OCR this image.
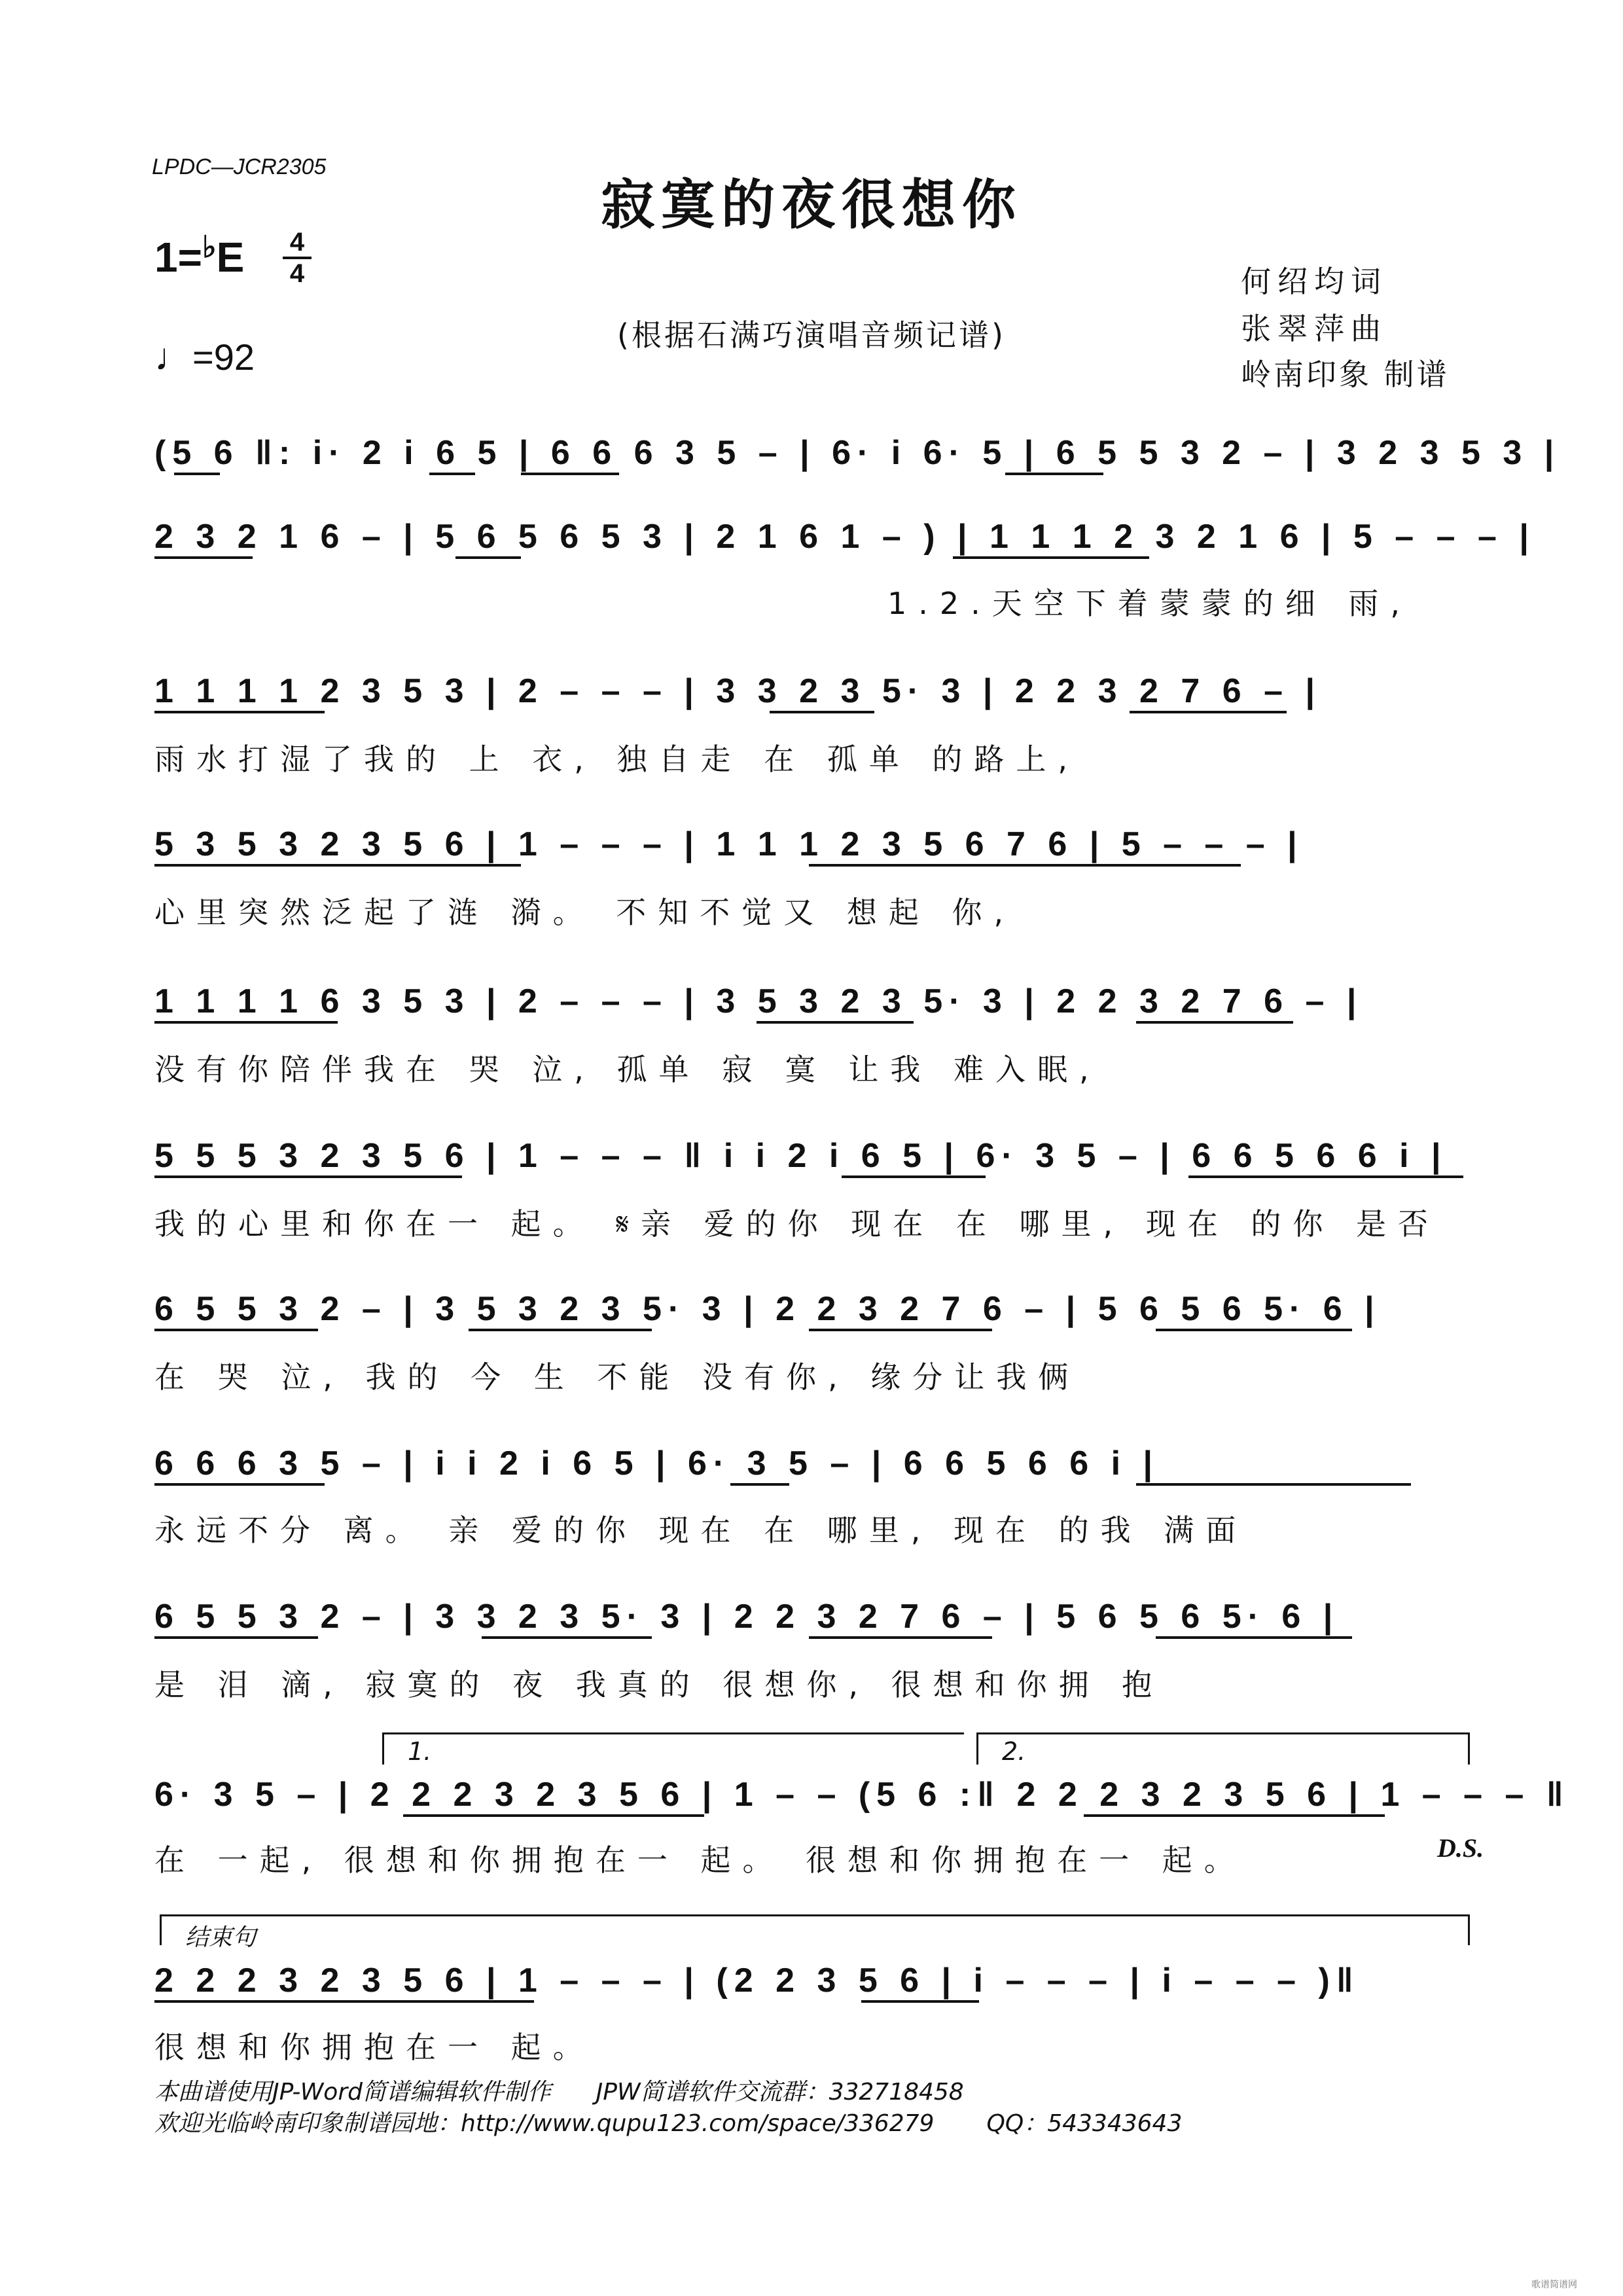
LPDC—JCR2305
寂寞的夜很想你
1=♭E 4
4
♩=92
(根据石满巧演唱音频记谱)
何绍均词
张翠萍曲
岭南印象 制谱
(5 6 ‖: i· 2 i 6 5 | 6 6 6 3 5 – | 6· i 6· 5 | 6 5 5 3 2 – | 3 2 3 5 3 |
2 3 2 1 6 – | 5 6 5 6 5 3 | 2 1 6 1 – ) | 1 1 1 2 3 2 1 6 | 5 – – – |
1.2.天空下着蒙蒙的细 雨,
1 1 1 1 2 3 5 3 | 2 – – – | 3 3 2 3 5· 3 | 2 2 3 2 7 6 – |
雨水打湿了我的 上 衣, 独自走 在 孤单 的路上,
5 3 5 3 2 3 5 6 | 1 – – – | 1 1 1 2 3 5 6 7 6 | 5 – – – |
心里突然泛起了涟 漪。 不知不觉又 想起 你,
1 1 1 1 6 3 5 3 | 2 – – – | 3 5 3 2 3 5· 3 | 2 2 3 2 7 6 – |
没有你陪伴我在 哭 泣, 孤单 寂 寞 让我 难入眠,
5 5 5 3 2 3 5 6 | 1 – – – ‖ i i 2 i 6 5 | 6· 3 5 – | 6 6 5 6 6 i |
我的心里和你在一 起。 𝄋亲 爱的你 现在 在 哪里, 现在 的你 是否
6 5 5 3 2 – | 3 5 3 2 3 5· 3 | 2 2 3 2 7 6 – | 5 6 5 6 5· 6 |
在 哭 泣, 我的 今 生 不能 没有你, 缘分让我俩
6 6 6 3 5 – | i i 2 i 6 5 | 6· 3 5 – | 6 6 5 6 6 i |
永远不分 离。 亲 爱的你 现在 在 哪里, 现在 的我 满面
6 5 5 3 2 – | 3 3 2 3 5· 3 | 2 2 3 2 7 6 – | 5 6 5 6 5· 6 |
是 泪 滴, 寂寞的 夜 我真的 很想你, 很想和你拥 抱
1.	2.
6· 3 5 – | 2 2 2 3 2 3 5 6 | 1 – – (5 6 :‖ 2 2 2 3 2 3 5 6 | 1 – – – ‖
在 一起, 很想和你拥抱在一 起。 很想和你拥抱在一 起。	D.S.
结束句
2 2 2 3 2 3 5 6 | 1 – – – | (2 2 3 5 6 | i – – – | i – – – )‖
很想和你拥抱在一 起。
本曲谱使用JP-Word简谱编辑软件制作      JPW简谱软件交流群：332718458
欢迎光临岭南印象制谱园地：http://www.qupu123.com/space/336279       QQ：543343643
歌谱简谱网
